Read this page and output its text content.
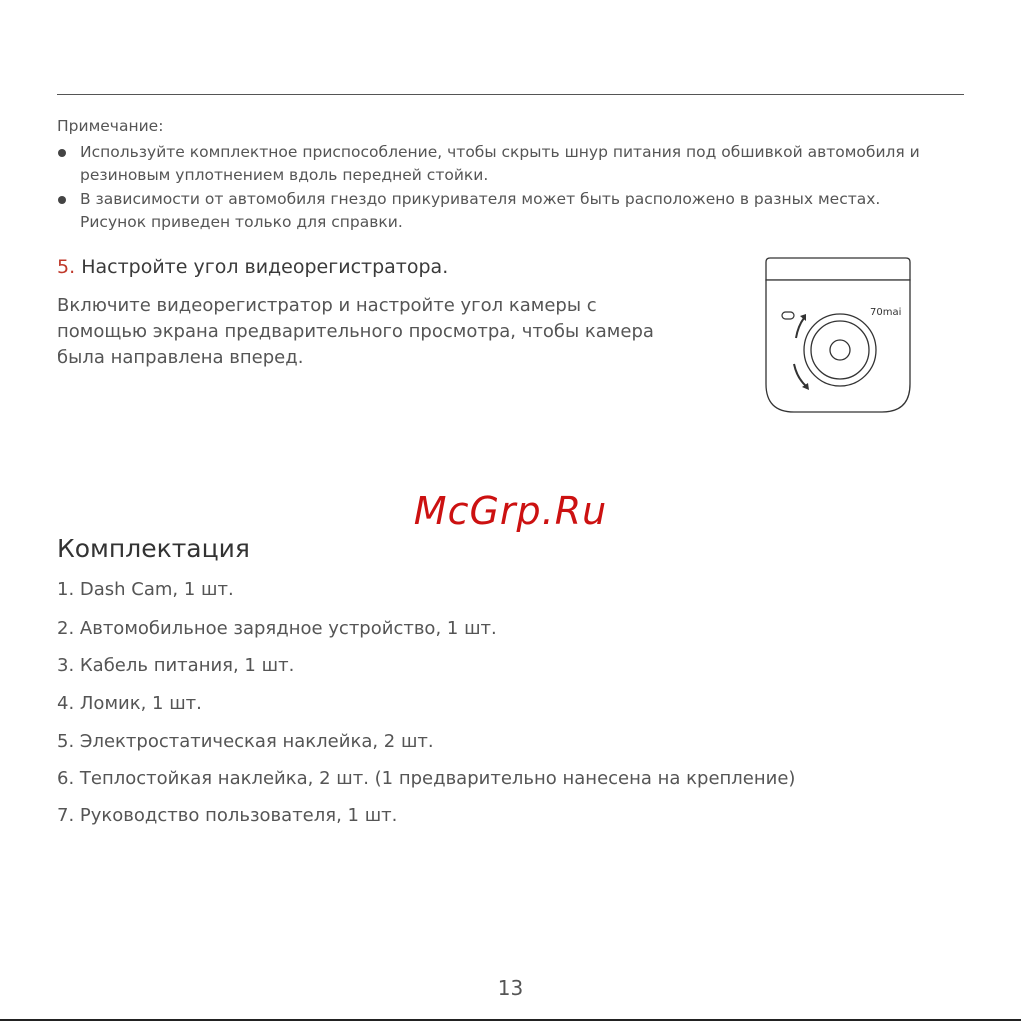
Примечание:
Используйте комплектное приспособление, чтобы скрыть шнур питания под обшивкой автомобиля и резиновым уплотнением вдоль передней стойки.
В зависимости от автомобиля гнездо прикуривателя может быть расположено в разных местах. Рисунок приведен только для справки.
5. Настройте угол видеорегистратора.
Включите видеорегистратор и настройте угол камеры с помощью экрана предварительного просмотра, чтобы камера была направлена вперед.
70mai
McGrp.Ru
Комплектация
1. Dash Cam, 1 шт.
2. Автомобильное зарядное устройство, 1 шт.
3. Кабель питания, 1 шт.
4. Ломик, 1 шт.
5. Электростатическая наклейка, 2 шт.
6. Теплостойкая наклейка, 2 шт. (1 предварительно нанесена на крепление)
7. Руководство пользователя, 1 шт.
13
